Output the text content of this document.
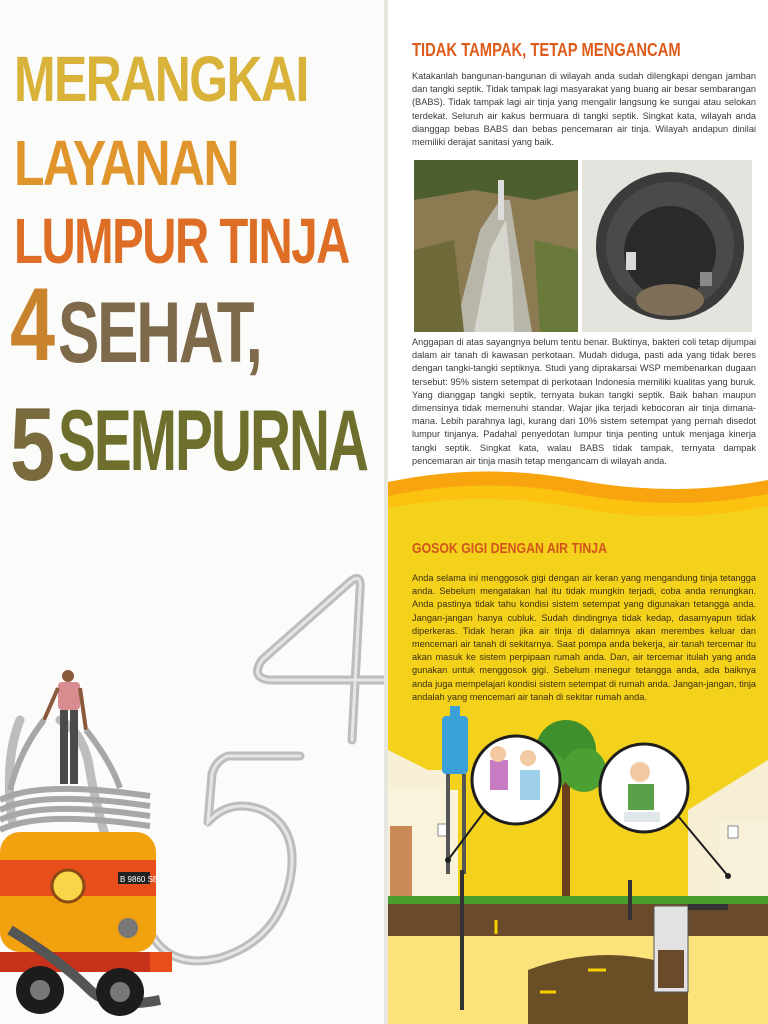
MERANGKAI
LAYANAN
LUMPUR TINJA
4 SEHAT,
5 SEMPURNA
B 9860 SE
TIDAK TAMPAK, TETAP MENGANCAM
Katakanlah bangunan-bangunan di wilayah anda sudah dilengkapi dengan jamban dan tangki septik. Tidak tampak lagi masyarakat yang buang air besar sembarangan (BABS). Tidak tampak lagi air tinja yang mengalir langsung ke sungai atau selokan terdekat. Seluruh air kakus bermuara di tangki septik. Singkat kata, wilayah anda dianggap bebas BABS dan bebas pencemaran air tinja. Wilayah andapun dinilai memiliki derajat sanitasi yang baik.
Anggapan di atas sayangnya belum tentu benar. Buktinya, bakteri coli tetap dijumpai dalam air tanah di kawasan perkotaan. Mudah diduga, pasti ada yang tidak beres dengan tangki-tangki septiknya. Studi yang diprakarsai WSP membenarkan dugaan tersebut: 95% sistem setempat di perkotaan Indonesia memiliki kualitas yang buruk. Yang dianggap tangki septik, ternyata bukan tangki septik. Baik bahan maupun dimensinya tidak memenuhi standar. Wajar jika terjadi kebocoran air tinja dimana-mana. Lebih parahnya lagi, kurang dari 10% sistem setempat yang pernah disedot lumpur tinjanya. Padahal penyedotan lumpur tinja penting untuk menjaga kinerja tangki septik. Singkat kata, walau BABS tidak tampak, ternyata dampak pencemaran air tinja masih tetap mengancam di wilayah anda.
GOSOK GIGI DENGAN AIR TINJA
Anda selama ini menggosok gigi dengan air keran yang mengandung tinja tetangga anda. Sebelum mengatakan hal itu tidak mungkin terjadi, coba anda renungkan. Anda pastinya tidak tahu kondisi sistem setempat yang digunakan tetangga anda. Jangan-jangan hanya cubluk. Sudah dindingnya tidak kedap, dasarnyapun tidak diperkeras. Tidak heran jika air tinja di dalamnya akan merembes keluar dan mencemari air tanah di sekitarnya. Saat pompa anda bekerja, air tanah tercemar itu akan masuk ke sistem perpipaan rumah anda. Dan, air tercemar itulah yang anda gunakan untuk menggosok gigi. Sebelum menegur tetangga anda, ada baiknya anda juga mempelajari kondisi sistem setempat di rumah anda. Jangan-jangan, tinja andalah yang mencemari air tanah di sekitar rumah anda.
